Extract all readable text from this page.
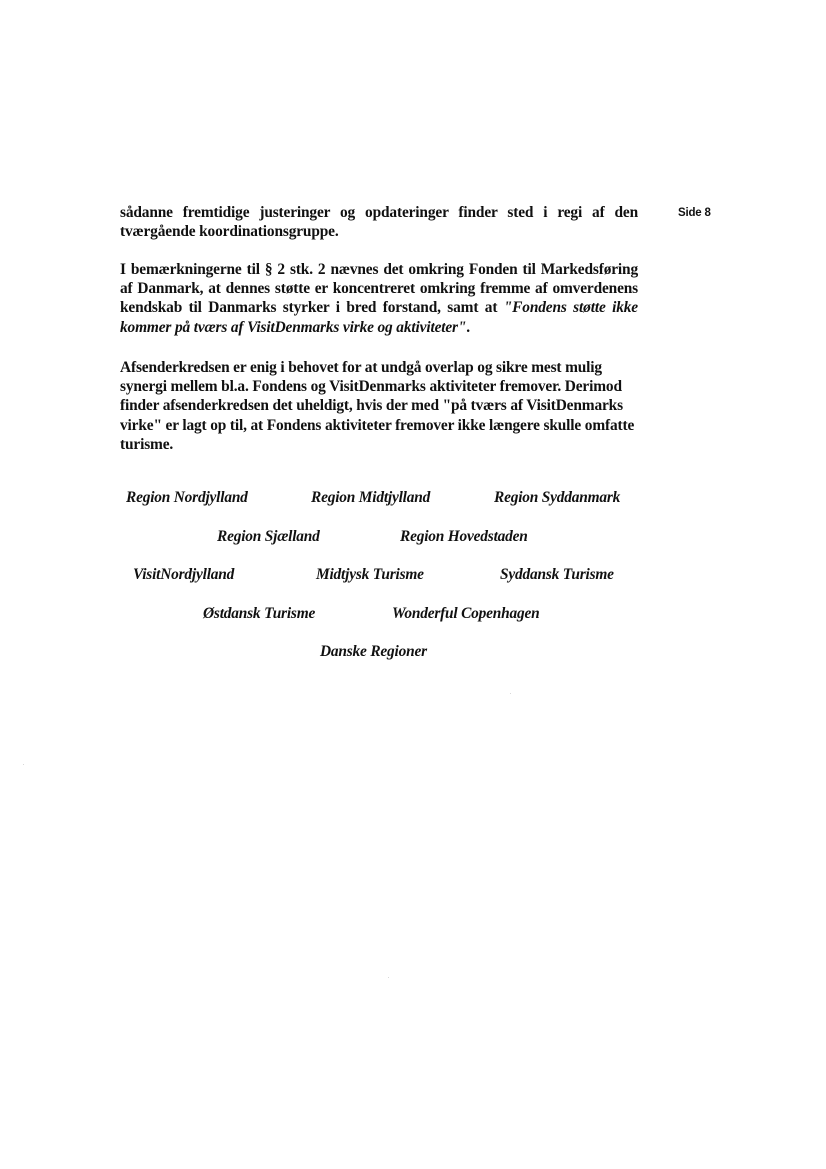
Side 8

sådanne fremtidige justeringer og opdateringer finder sted i regi af den tværgående koordinationsgruppe.

I bemærkningerne til § 2 stk. 2 nævnes det omkring Fonden til Markedsføring af Danmark, at dennes støtte er koncentreret omkring fremme af omverdenens kendskab til Danmarks styrker i bred forstand, samt at "Fondens støtte ikke kommer på tværs af VisitDenmarks virke og aktiviteter".

Afsenderkredsen er enig i behovet for at undgå overlap og sikre mest mulig synergi mellem bl.a. Fondens og VisitDenmarks aktiviteter fremover. Derimod finder afsenderkredsen det uheldigt, hvis der med "på tværs af VisitDenmarks virke" er lagt op til, at Fondens aktiviteter fremover ikke længere skulle omfatte turisme.

Region Nordjylland	Region Midtjylland	Region Syddanmark
Region Sjælland	Region Hovedstaden
VisitNordjylland	Midtjysk Turisme	Syddansk Turisme
Østdansk Turisme	Wonderful Copenhagen
Danske Regioner
